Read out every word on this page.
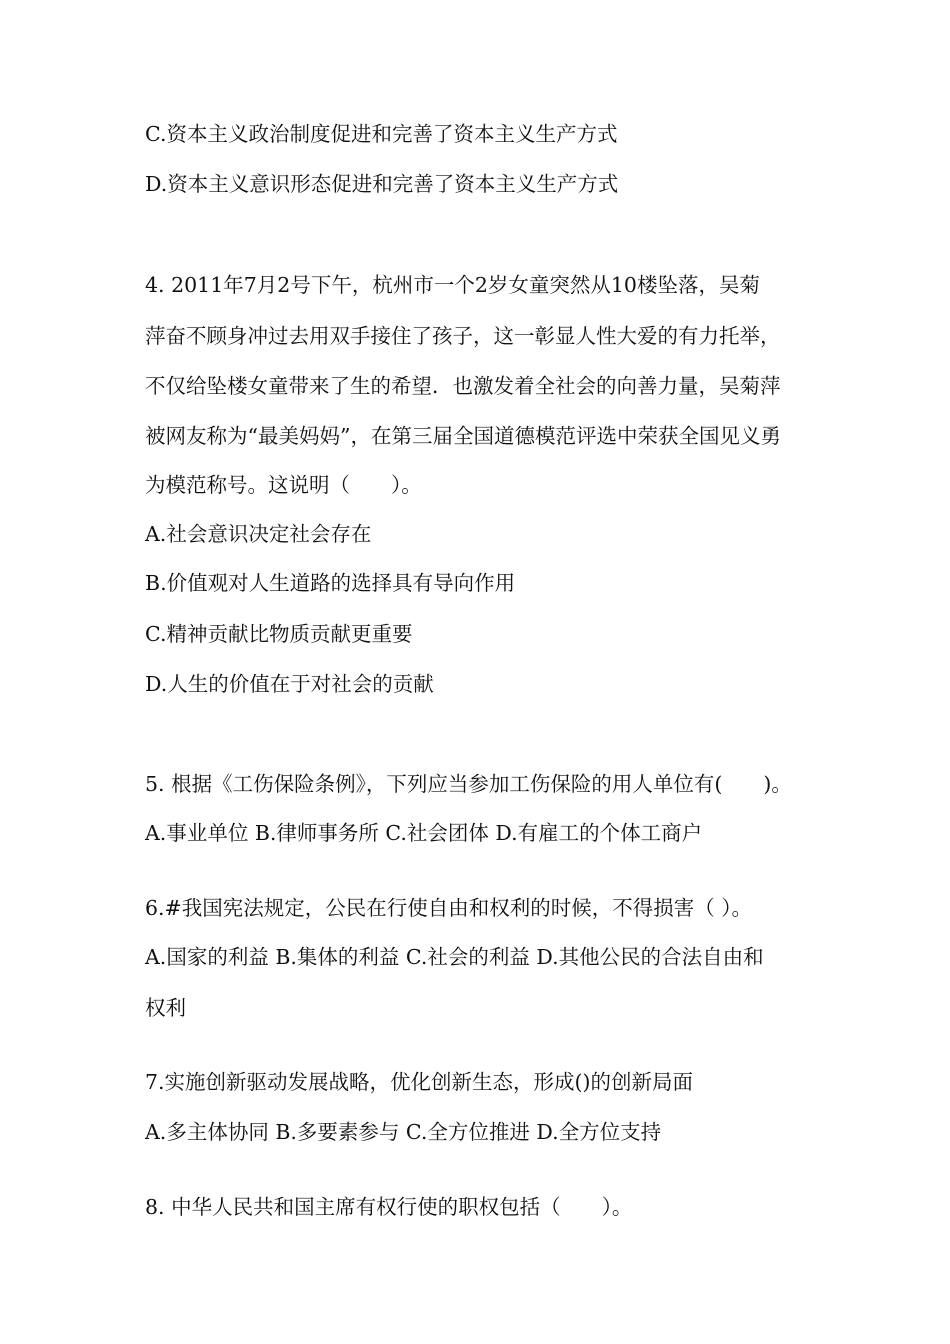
C.资本主义政治制度促进和完善了资本主义生产方式
D.资本主义意识形态促进和完善了资本主义生产方式
4. 2011年7月2号下午，杭州市一个2岁女童突然从10楼坠落，吴菊
萍奋不顾身冲过去用双手接住了孩子，这一彰显人性大爱的有力托举，
不仅给坠楼女童带来了生的希望．也激发着全社会的向善力量，吴菊萍
被网友称为“最美妈妈”，在第三届全国道德模范评选中荣获全国见义勇
为模范称号。这说明（　　）。
A.社会意识决定社会存在
B.价值观对人生道路的选择具有导向作用
C.精神贡献比物质贡献更重要
D.人生的价值在于对社会的贡献
5. 根据《工伤保险条例》，下列应当参加工伤保险的用人单位有(　　)。
A.事业单位 B.律师事务所 C.社会团体 D.有雇工的个体工商户
6.#我国宪法规定，公民在行使自由和权利的时候，不得损害（ ）。
A.国家的利益 B.集体的利益 C.社会的利益 D.其他公民的合法自由和
权利
7.实施创新驱动发展战略，优化创新生态，形成()的创新局面
A.多主体协同 B.多要素参与 C.全方位推进 D.全方位支持
8. 中华人民共和国主席有权行使的职权包括（　　）。
